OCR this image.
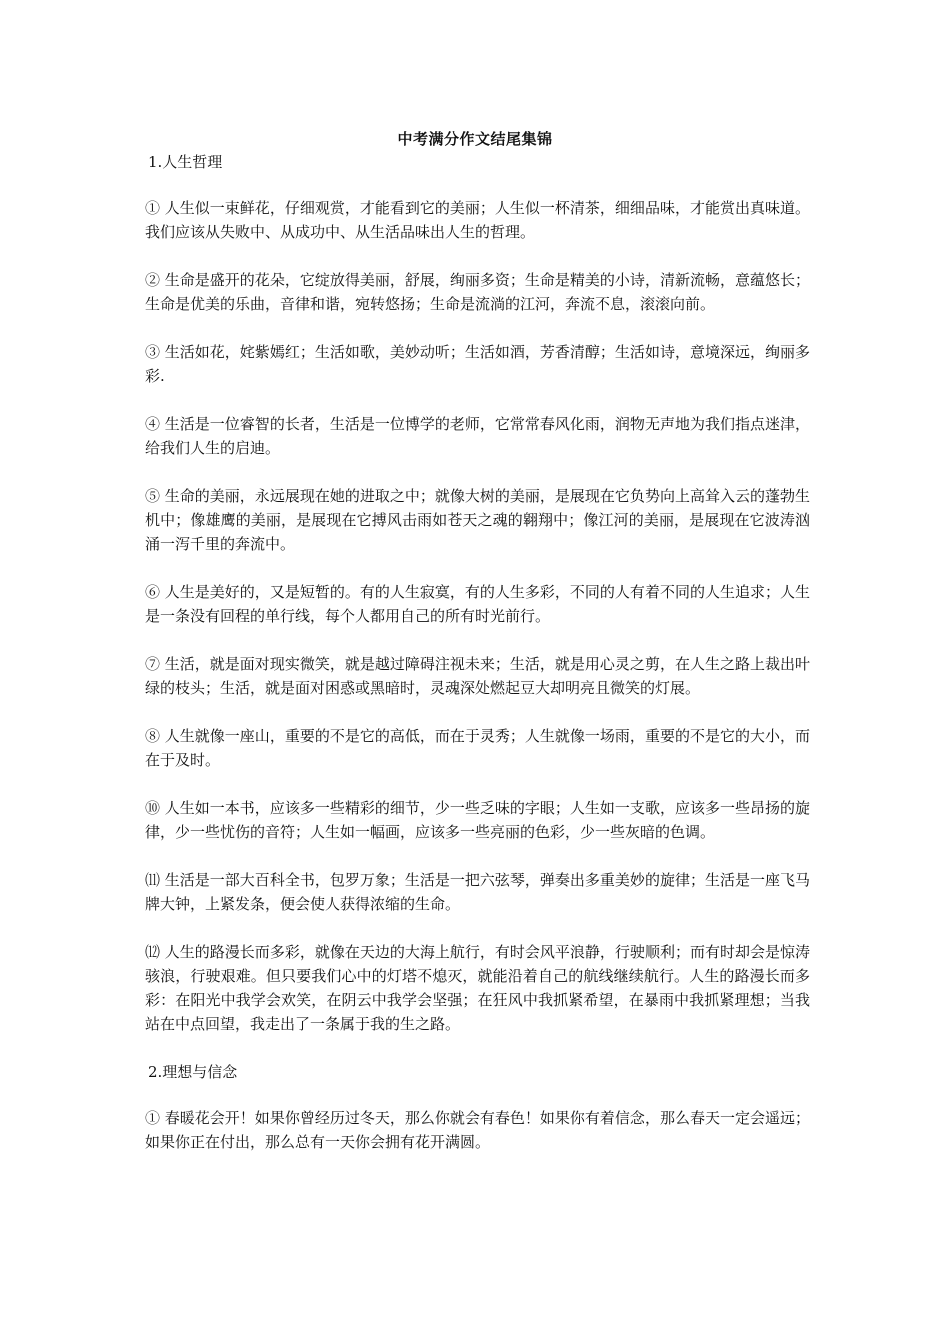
中考满分作文结尾集锦
1.人生哲理

① 人生似一束鲜花，仔细观赏，才能看到它的美丽；人生似一杯清茶，细细品味，才能赏出真味道。我们应该从失败中、从成功中、从生活品味出人生的哲理。

② 生命是盛开的花朵，它绽放得美丽，舒展，绚丽多资；生命是精美的小诗，清新流畅，意蕴悠长；生命是优美的乐曲，音律和谐，宛转悠扬；生命是流淌的江河，奔流不息，滚滚向前。

③ 生活如花，姹紫嫣红；生活如歌，美妙动听；生活如酒，芳香清醇；生活如诗，意境深远，绚丽多彩.

④ 生活是一位睿智的长者，生活是一位博学的老师，它常常春风化雨，润物无声地为我们指点迷津，给我们人生的启迪。

⑤ 生命的美丽，永远展现在她的进取之中；就像大树的美丽，是展现在它负势向上高耸入云的蓬勃生机中；像雄鹰的美丽，是展现在它搏风击雨如苍天之魂的翱翔中；像江河的美丽，是展现在它波涛汹涌一泻千里的奔流中。

⑥ 人生是美好的，又是短暂的。有的人生寂寞，有的人生多彩，不同的人有着不同的人生追求；人生是一条没有回程的单行线，每个人都用自己的所有时光前行。

⑦ 生活，就是面对现实微笑，就是越过障碍注视未来；生活，就是用心灵之剪，在人生之路上裁出叶绿的枝头；生活，就是面对困惑或黑暗时，灵魂深处燃起豆大却明亮且微笑的灯展。

⑧ 人生就像一座山，重要的不是它的高低，而在于灵秀；人生就像一场雨，重要的不是它的大小，而在于及时。

⑩ 人生如一本书，应该多一些精彩的细节，少一些乏味的字眼；人生如一支歌，应该多一些昂扬的旋律，少一些忧伤的音符；人生如一幅画，应该多一些亮丽的色彩，少一些灰暗的色调。

⑾ 生活是一部大百科全书，包罗万象；生活是一把六弦琴，弹奏出多重美妙的旋律；生活是一座飞马牌大钟，上紧发条，便会使人获得浓缩的生命。

⑿ 人生的路漫长而多彩，就像在天边的大海上航行，有时会风平浪静，行驶顺利；而有时却会是惊涛骇浪，行驶艰难。但只要我们心中的灯塔不熄灭，就能沿着自己的航线继续航行。人生的路漫长而多彩：在阳光中我学会欢笑，在阴云中我学会坚强；在狂风中我抓紧希望，在暴雨中我抓紧理想；当我站在中点回望，我走出了一条属于我的生之路。

2.理想与信念

① 春暖花会开！如果你曾经历过冬天，那么你就会有春色！如果你有着信念，那么春天一定会遥远；如果你正在付出，那么总有一天你会拥有花开满圆。
